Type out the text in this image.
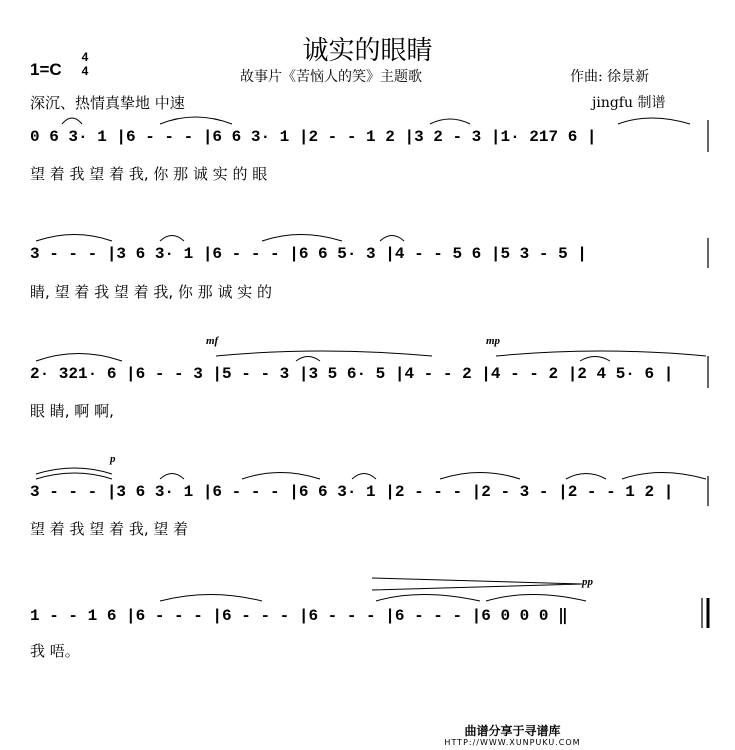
诚实的眼睛
故事片《苦恼人的笑》主题歌
1=C
4
4
深沉、热情真挚地 中速
作曲: 徐景新
jingfu 制谱
0 6 3· 1 |6 - - - |6 6 3· 1 |2 - - 1 2 |3 2 - 3 |1· 217 6 |
望 着 我 望 着 我, 你 那 诚 实 的 眼
3 - - - |3 6 3· 1 |6 - - - |6 6 5· 3 |4 - - 5 6 |5 3 - 5 |
睛, 望 着 我 望 着 我, 你 那 诚 实 的
2· 321· 6 |6 - - 3 |5 - - 3 |3 5 6· 5 |4 - - 2 |4 - - 2 |2 4 5· 6 |
眼 睛, 啊 啊,
mf	mp
3 - - - |3 6 3· 1 |6 - - - |6 6 3· 1 |2 - - - |2 - 3 - |2 - - 1 2 |
望 着 我 望 着 我, 望 着
p
1 - - 1 6 |6 - - - |6 - - - |6 - - - |6 - - - |6 0 0 0 ‖
我 唔。
pp
曲谱分享于寻谱库
HTTP://WWW.XUNPUKU.COM
